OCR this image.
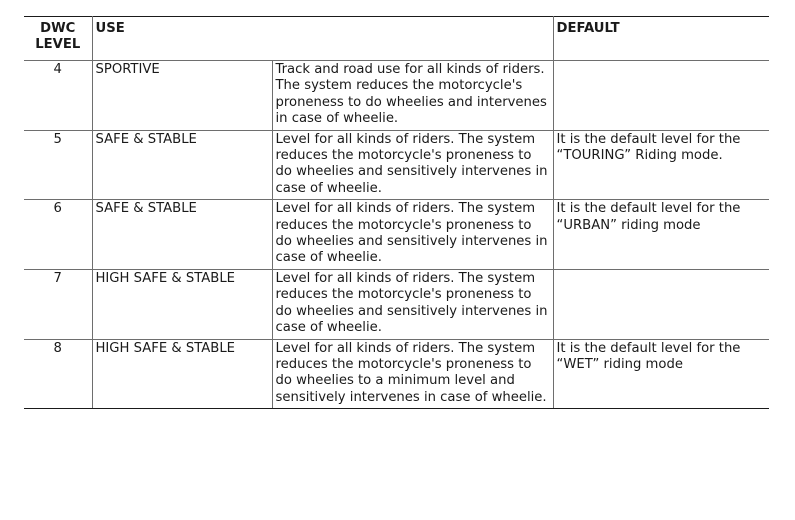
DWC
LEVEL	USE		DEFAULT
4	SPORTIVE	Track and road use for all kinds of riders. The system reduces the motorcycle's proneness to do wheelies and intervenes in case of wheelie.	
5	SAFE & STABLE	Level for all kinds of riders. The system reduces the motorcycle's proneness to do wheelies and sensitively intervenes in case of wheelie.	It is the default level for the “TOURING” Riding mode.
6	SAFE & STABLE	Level for all kinds of riders. The system reduces the motorcycle's proneness to do wheelies and sensitively intervenes in case of wheelie.	It is the default level for the “URBAN” riding mode
7	HIGH SAFE & STABLE	Level for all kinds of riders. The system reduces the motorcycle's proneness to do wheelies and sensitively intervenes in case of wheelie.	
8	HIGH SAFE & STABLE	Level for all kinds of riders. The system reduces the motorcycle's proneness to do wheelies to a minimum level and sensitively intervenes in case of wheelie.	It is the default level for the “WET” riding mode
